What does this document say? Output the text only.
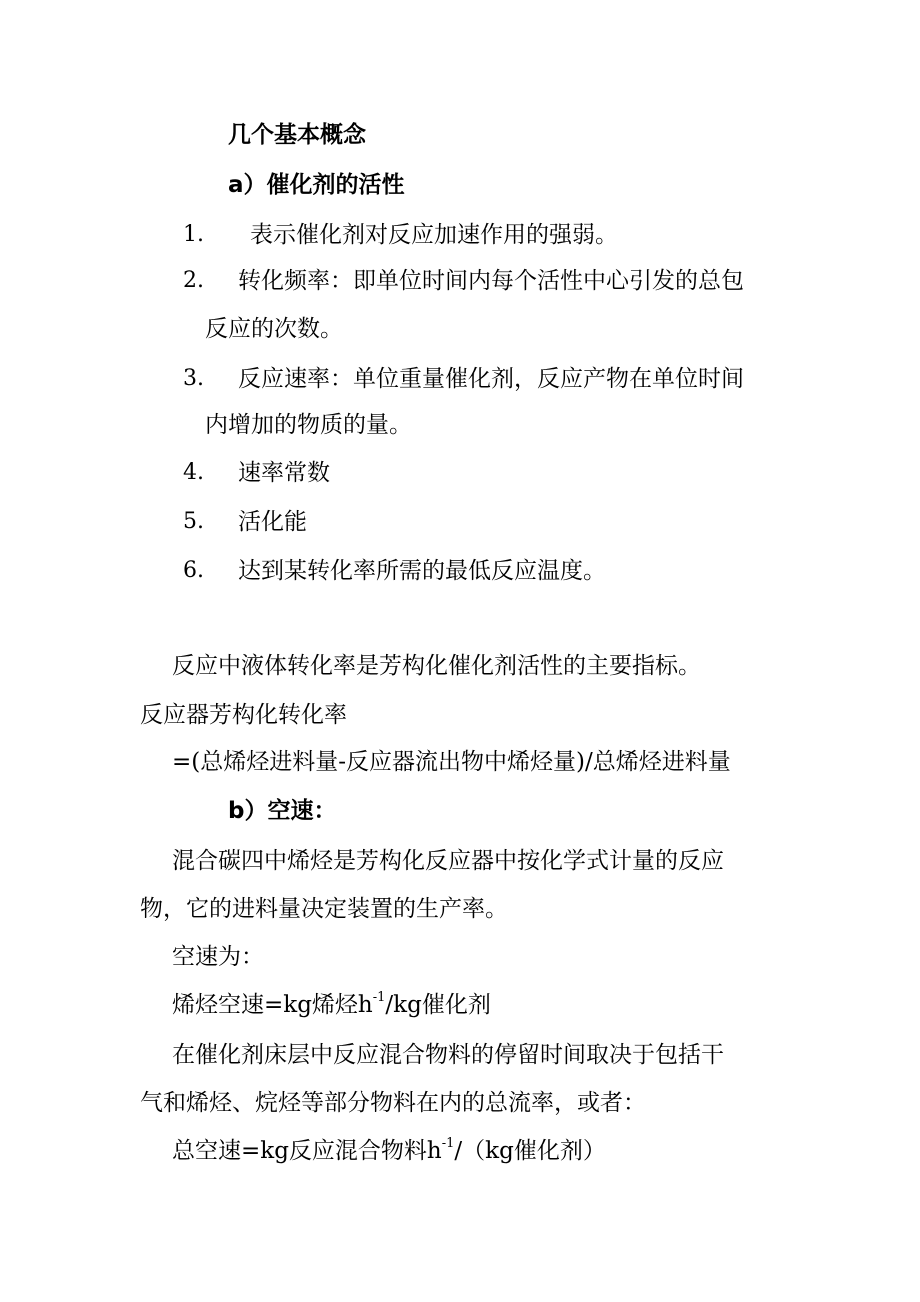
几个基本概念
a）催化剂的活性
1. 表示催化剂对反应加速作用的强弱。
2. 转化频率：即单位时间内每个活性中心引发的总包
反应的次数。
3. 反应速率：单位重量催化剂，反应产物在单位时间
内增加的物质的量。
4. 速率常数
5. 活化能
6. 达到某转化率所需的最低反应温度。
反应中液体转化率是芳构化催化剂活性的主要指标。
反应器芳构化转化率
=(总烯烃进料量-反应器流出物中烯烃量)/总烯烃进料量
b）空速：
混合碳四中烯烃是芳构化反应器中按化学式计量的反应
物，它的进料量决定装置的生产率。
空速为：
烯烃空速=kg烯烃$h^{-1}/kg$催化剂
在催化剂床层中反应混合物料的停留时间取决于包括干
气和烯烃、烷烃等部分物料在内的总流率，或者：
总空速=kg反应混合物料$h^{-1}/(kg$催化剂）
